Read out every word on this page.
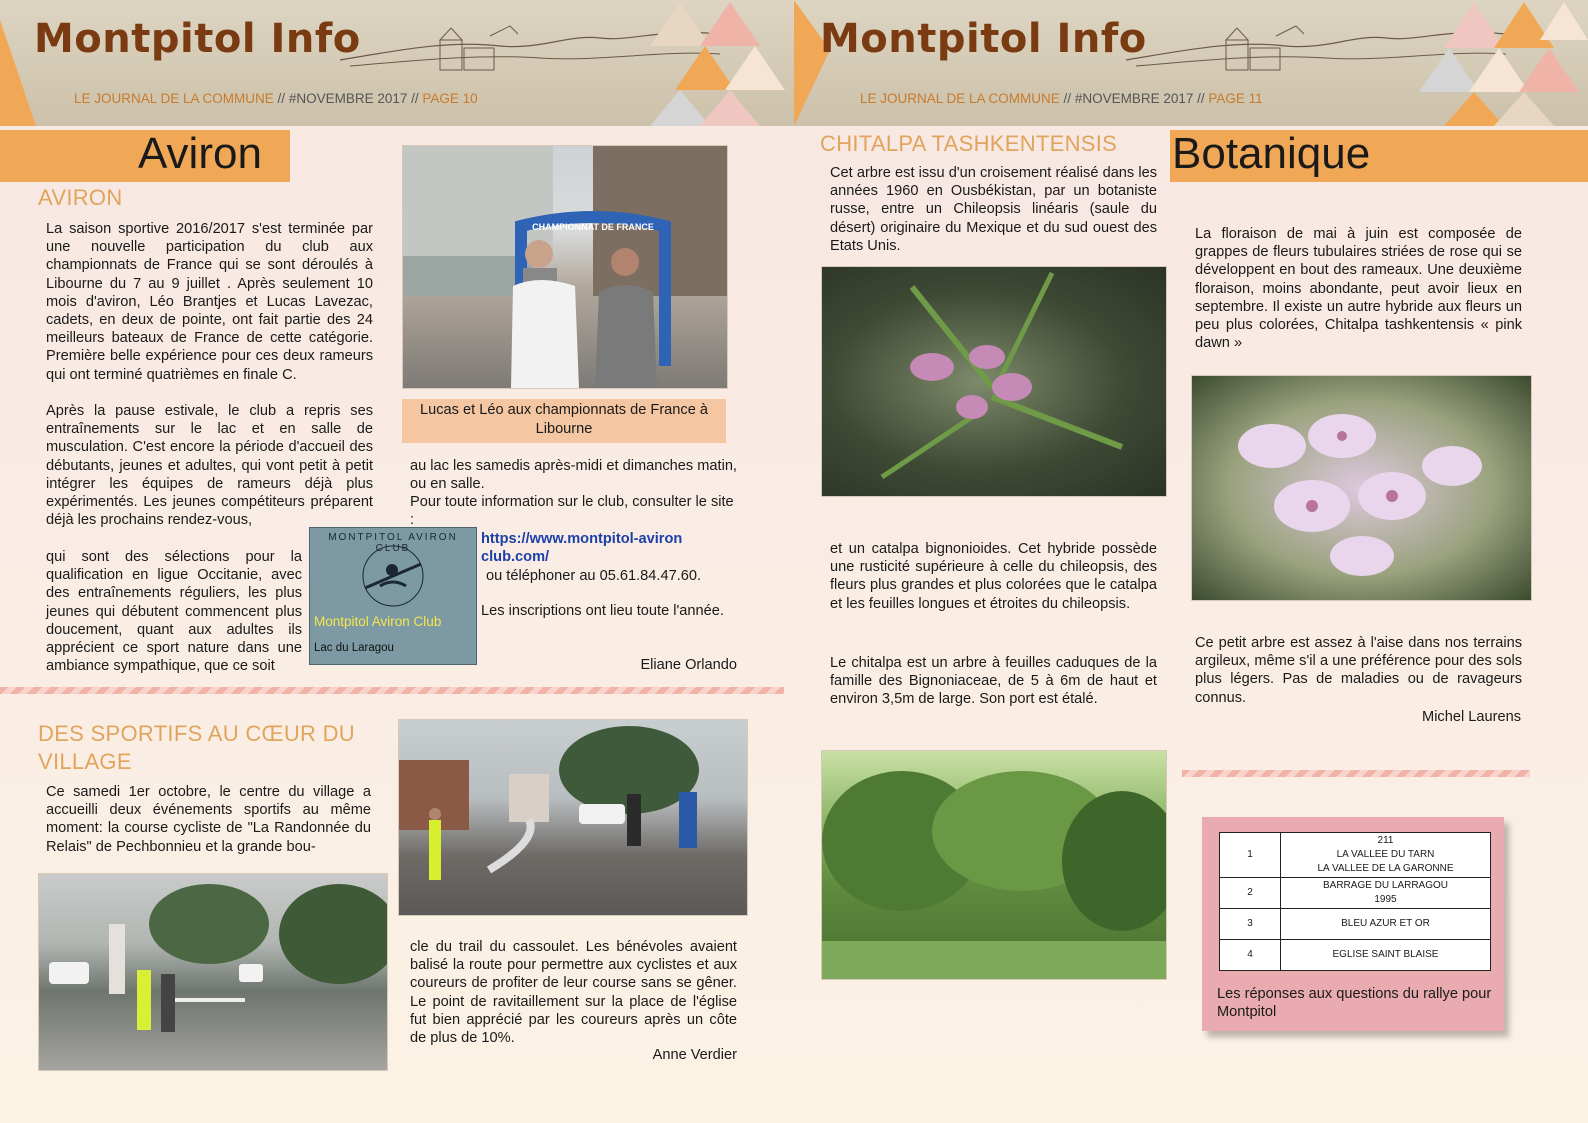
Montpitol Info
LE JOURNAL DE LA COMMUNE // #NOVEMBRE 2017 // PAGE 10
Aviron
AVIRON

La saison sportive 2016/2017 s'est terminée par une nouvelle participation du club aux championnats de France qui se sont déroulés à Libourne du 7 au 9 juillet . Après seulement 10 mois d'aviron, Léo Brantjes et Lucas Lavezac, cadets, en deux de pointe, ont fait partie des 24 meilleurs bateaux de France de cette catégorie. Première belle expérience pour ces deux rameurs qui ont terminé quatrièmes en finale C.

Après la pause estivale, le club a repris ses entraînements sur le lac et en salle de musculation. C'est encore la période d'accueil des débutants, jeunes et adultes, qui vont petit à petit intégrer les équipes de rameurs déjà plus expérimentés. Les jeunes compétiteurs préparent déjà les prochains rendez-vous,

qui sont des sélections pour la qualification en ligue Occitanie, avec des entraînements réguliers, les plus jeunes qui débutent commencent plus doucement, quant aux adultes ils apprécient ce sport nature dans une ambiance sympathique, que ce soit

CHAMPIONNAT DE FRANCE
Lucas et Léo aux championnats de France à Libourne
MONTPITOL AVIRON CLUB
Montpitol Aviron Club
Lac du Laragou

au lac les samedis après-midi et dimanches matin, ou en salle.

Pour toute information sur le club, consulter le site :

https://www.montpitol-aviron club.com/

ou téléphoner au 05.61.84.47.60.

Les inscriptions ont lieu toute l'année.

Eliane Orlando
DES SPORTIFS AU CŒUR DU VILLAGE

Ce samedi 1er octobre, le centre du village a accueilli deux événements sportifs au même moment: la course cycliste de "La Randonnée du Relais" de Pechbonnieu et la grande bou-

cle du trail du cassoulet. Les bénévoles avaient balisé la route pour permettre aux cyclistes et aux coureurs de profiter de leur course sans se gêner. Le point de ravitaillement sur la place de l'église fut bien apprécié par les coureurs après un côte de plus de 10%.

Anne Verdier
Montpitol Info
LE JOURNAL DE LA COMMUNE // #NOVEMBRE 2017 // PAGE 11
CHITALPA TASHKENTENSIS

Cet arbre est issu d'un croisement réalisé dans les années 1960 en Ousbékistan, par un botaniste russe, entre un Chileopsis linéaris (saule du désert) originaire du Mexique et du sud ouest des Etats Unis.

et un catalpa bignonioides. Cet hybride possède une rusticité supérieure à celle du chileopsis, des fleurs plus grandes et plus colorées que le catalpa et les feuilles longues et étroites du chileopsis.

Le chitalpa est un arbre à feuilles caduques de la famille des Bignoniaceae, de 5 à 6m de haut et environ 3,5m de large. Son port est étalé.

Botanique

La floraison de mai à juin est composée de grappes de fleurs tubulaires striées de rose qui se développent en bout des rameaux. Une deuxième floraison, moins abondante, peut avoir lieux en septembre. Il existe un autre hybride aux fleurs un peu plus colorées, Chitalpa tashkentensis « pink dawn »

Ce petit arbre est assez à l'aise dans nos terrains argileux, même s'il a une préférence pour des sols plus légers. Pas de maladies ou de ravageurs connus.

Michel Laurens
1	211
LA VALLEE DU TARN
LA VALLEE DE LA GARONNE

2	BARRAGE DU LARRAGOU
1995

3	BLEU AZUR ET OR

4	EGLISE SAINT BLAISE

Les réponses aux questions du rallye pour Montpitol
